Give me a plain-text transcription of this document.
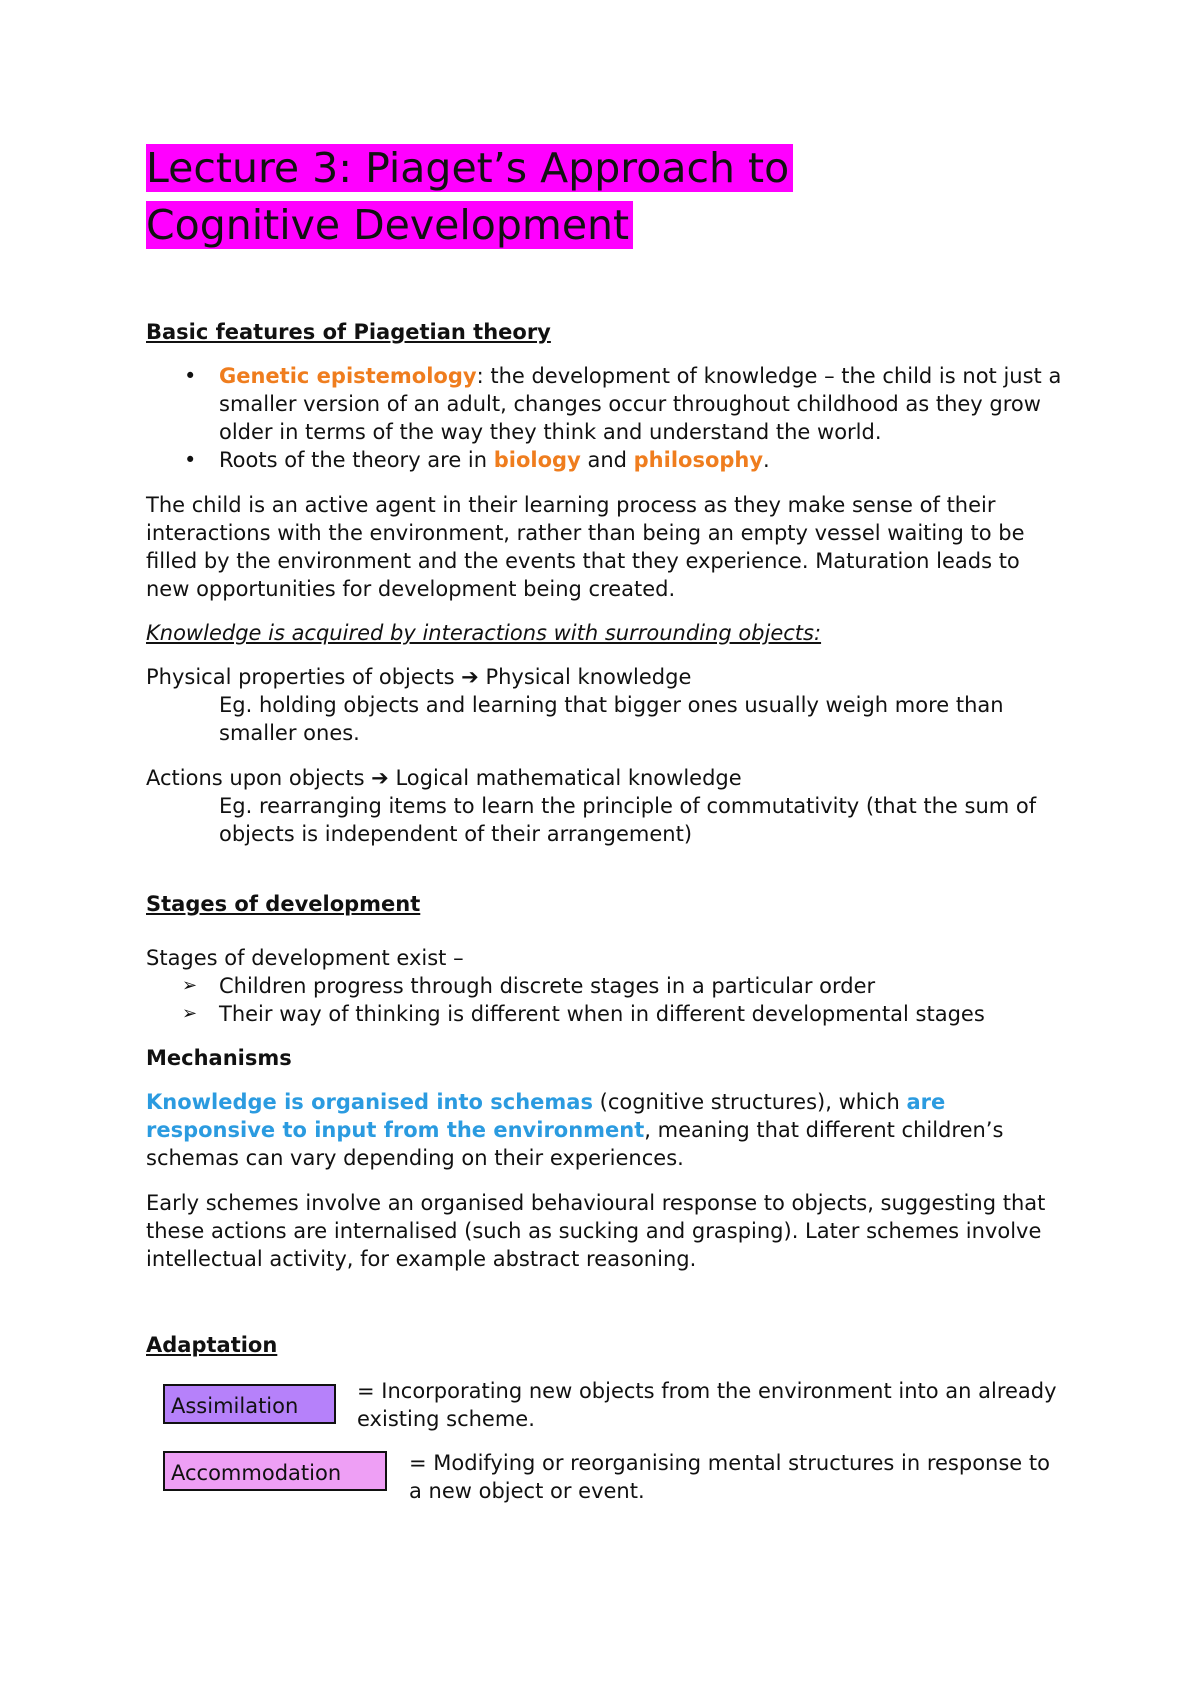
Lecture 3: Piaget’s Approach to
Cognitive Development
Basic features of Piagetian theory
• Genetic epistemology: the development of knowledge – the child is not just a smaller version of an adult, changes occur throughout childhood as they grow older in terms of the way they think and understand the world.
• Roots of the theory are in biology and philosophy.
The child is an active agent in their learning process as they make sense of their interactions with the environment, rather than being an empty vessel waiting to be filled by the environment and the events that they experience. Maturation leads to new opportunities for development being created.
Knowledge is acquired by interactions with surrounding objects:
Physical properties of objects ➔ Physical knowledge
Eg. holding objects and learning that bigger ones usually weigh more than smaller ones.
Actions upon objects ➔ Logical mathematical knowledge
Eg. rearranging items to learn the principle of commutativity (that the sum of objects is independent of their arrangement)
Stages of development
Stages of development exist –
➢ Children progress through discrete stages in a particular order
➢ Their way of thinking is different when in different developmental stages
Mechanisms
Knowledge is organised into schemas (cognitive structures), which are responsive to input from the environment, meaning that different children’s schemas can vary depending on their experiences.
Early schemes involve an organised behavioural response to objects, suggesting that these actions are internalised (such as sucking and grasping). Later schemes involve intellectual activity, for example abstract reasoning.
Adaptation
Assimilation
= Incorporating new objects from the environment into an already existing scheme.
Accommodation	= Modifying or reorganising mental structures in response to a new object or event.
